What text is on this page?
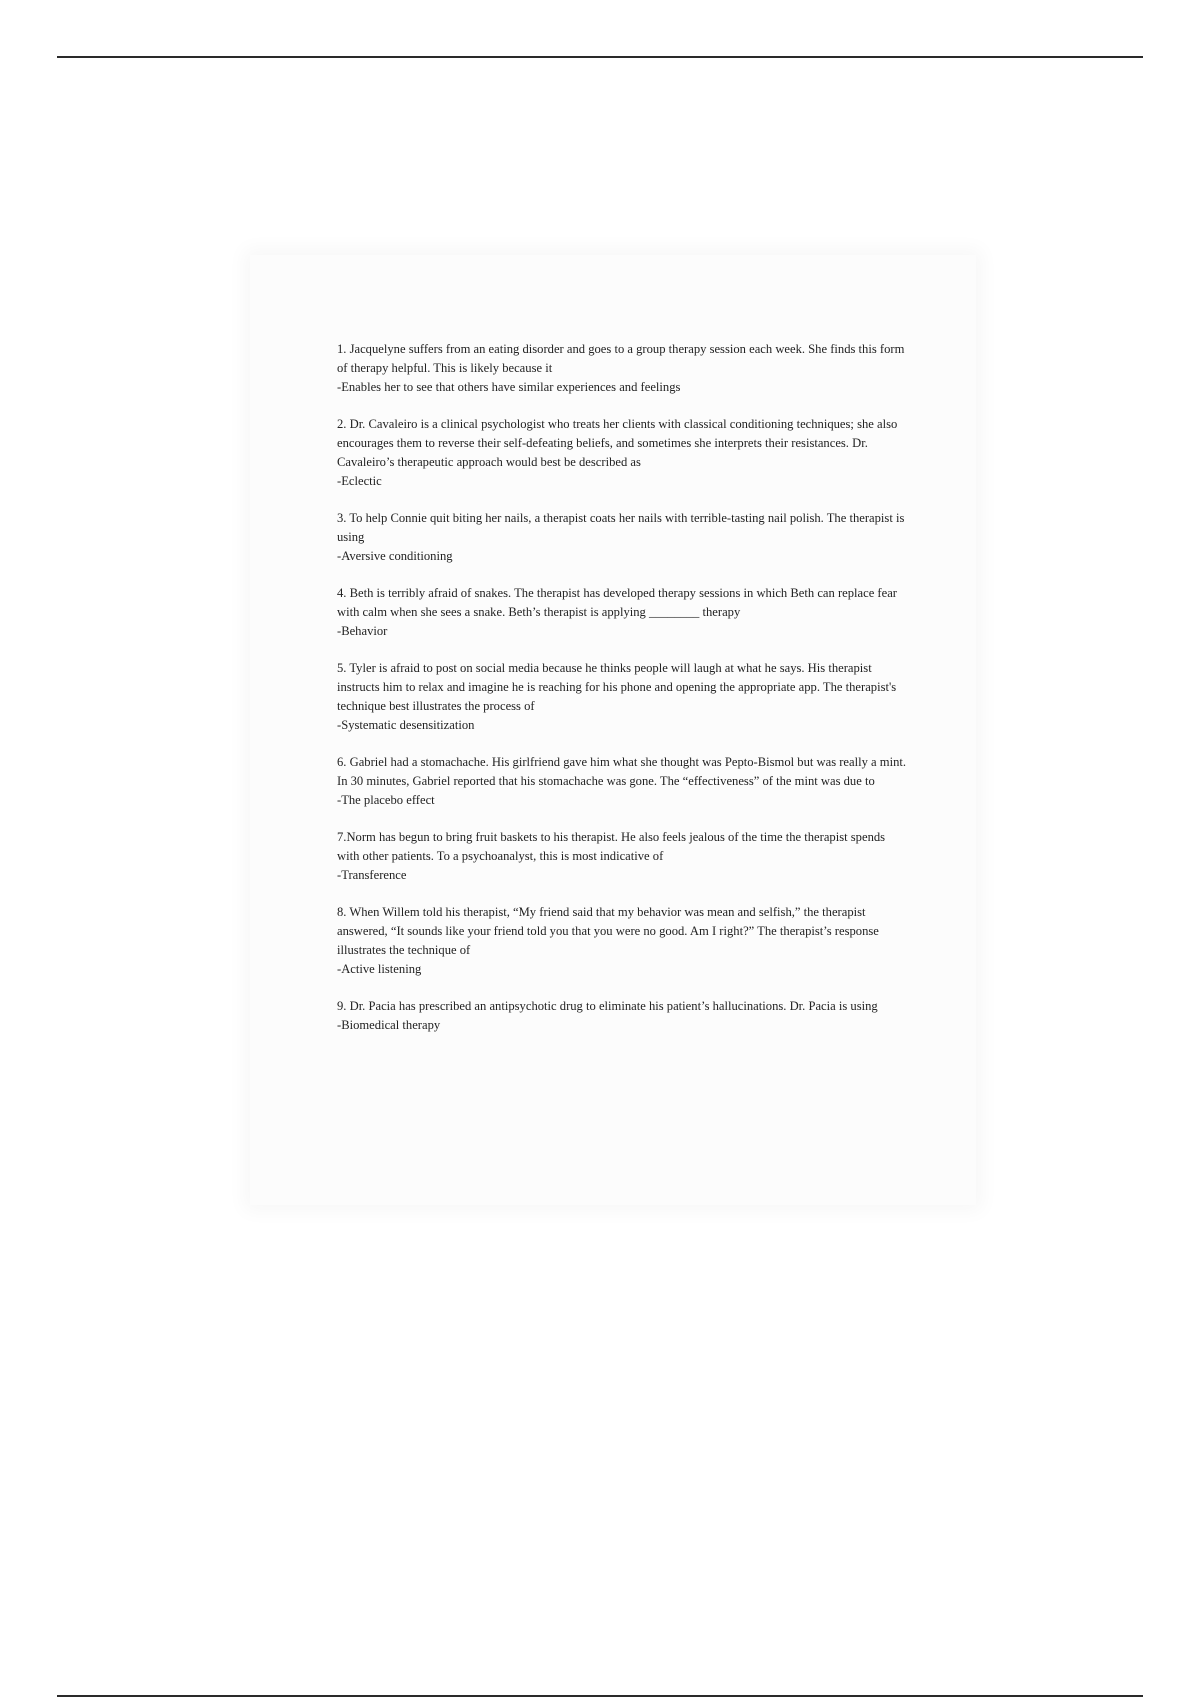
1. Jacquelyne suffers from an eating disorder and goes to a group therapy session each week. She finds this form of therapy helpful. This is likely because it

-Enables her to see that others have similar experiences and feelings

2. Dr. Cavaleiro is a clinical psychologist who treats her clients with classical conditioning techniques; she also encourages them to reverse their self-defeating beliefs, and sometimes she interprets their resistances. Dr. Cavaleiro’s therapeutic approach would best be described as

-Eclectic

3. To help Connie quit biting her nails, a therapist coats her nails with terrible-tasting nail polish. The therapist is using

-Aversive conditioning

4. Beth is terribly afraid of snakes. The therapist has developed therapy sessions in which Beth can replace fear with calm when she sees a snake. Beth’s therapist is applying ________ therapy

-Behavior

5. Tyler is afraid to post on social media because he thinks people will laugh at what he says. His therapist instructs him to relax and imagine he is reaching for his phone and opening the appropriate app. The therapist's technique best illustrates the process of

-Systematic desensitization

6. Gabriel had a stomachache. His girlfriend gave him what she thought was Pepto-Bismol but was really a mint. In 30 minutes, Gabriel reported that his stomachache was gone. The “effectiveness” of the mint was due to

-The placebo effect

7.Norm has begun to bring fruit baskets to his therapist. He also feels jealous of the time the therapist spends with other patients. To a psychoanalyst, this is most indicative of

-Transference

8. When Willem told his therapist, “My friend said that my behavior was mean and selfish,” the therapist answered, “It sounds like your friend told you that you were no good. Am I right?” The therapist’s response illustrates the technique of

-Active listening

9. Dr. Pacia has prescribed an antipsychotic drug to eliminate his patient’s hallucinations. Dr. Pacia is using

-Biomedical therapy
